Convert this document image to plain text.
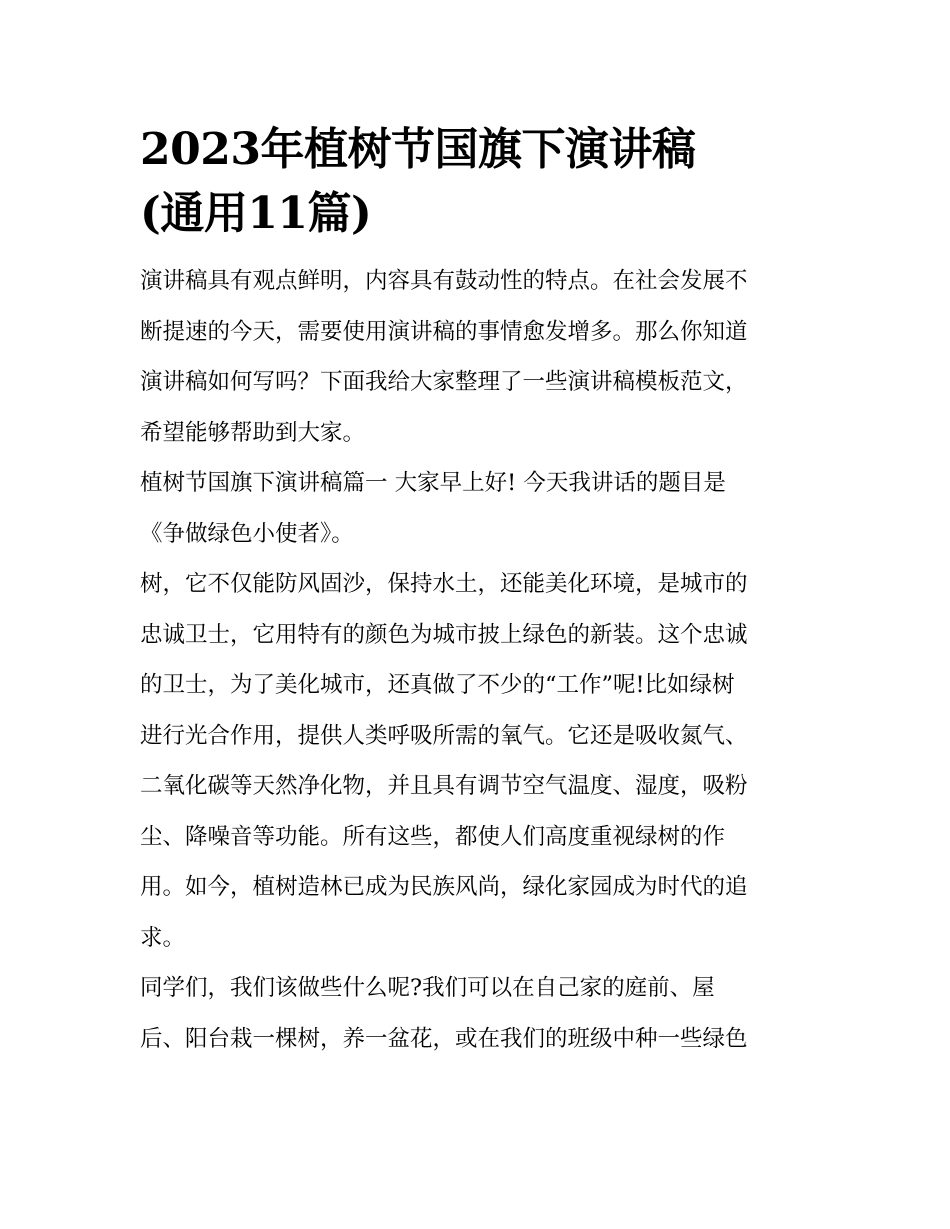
2023年植树节国旗下演讲稿
(通用11篇)

演讲稿具有观点鲜明，内容具有鼓动性的特点。在社会发展不
断提速的今天，需要使用演讲稿的事情愈发增多。那么你知道
演讲稿如何写吗？下面我给大家整理了一些演讲稿模板范文，
希望能够帮助到大家。

植树节国旗下演讲稿篇一 大家早上好! 今天我讲话的题目是
《争做绿色小使者》。

树，它不仅能防风固沙，保持水土，还能美化环境，是城市的
忠诚卫士，它用特有的颜色为城市披上绿色的新装。这个忠诚
的卫士，为了美化城市，还真做了不少的“工作”呢!比如绿树
进行光合作用，提供人类呼吸所需的氧气。它还是吸收氮气、
二氧化碳等天然净化物，并且具有调节空气温度、湿度，吸粉
尘、降噪音等功能。所有这些，都使人们高度重视绿树的作
用。如今，植树造林已成为民族风尚，绿化家园成为时代的追
求。

同学们，我们该做些什么呢?我们可以在自己家的庭前、屋
后、阳台栽一棵树，养一盆花，或在我们的班级中种一些绿色
